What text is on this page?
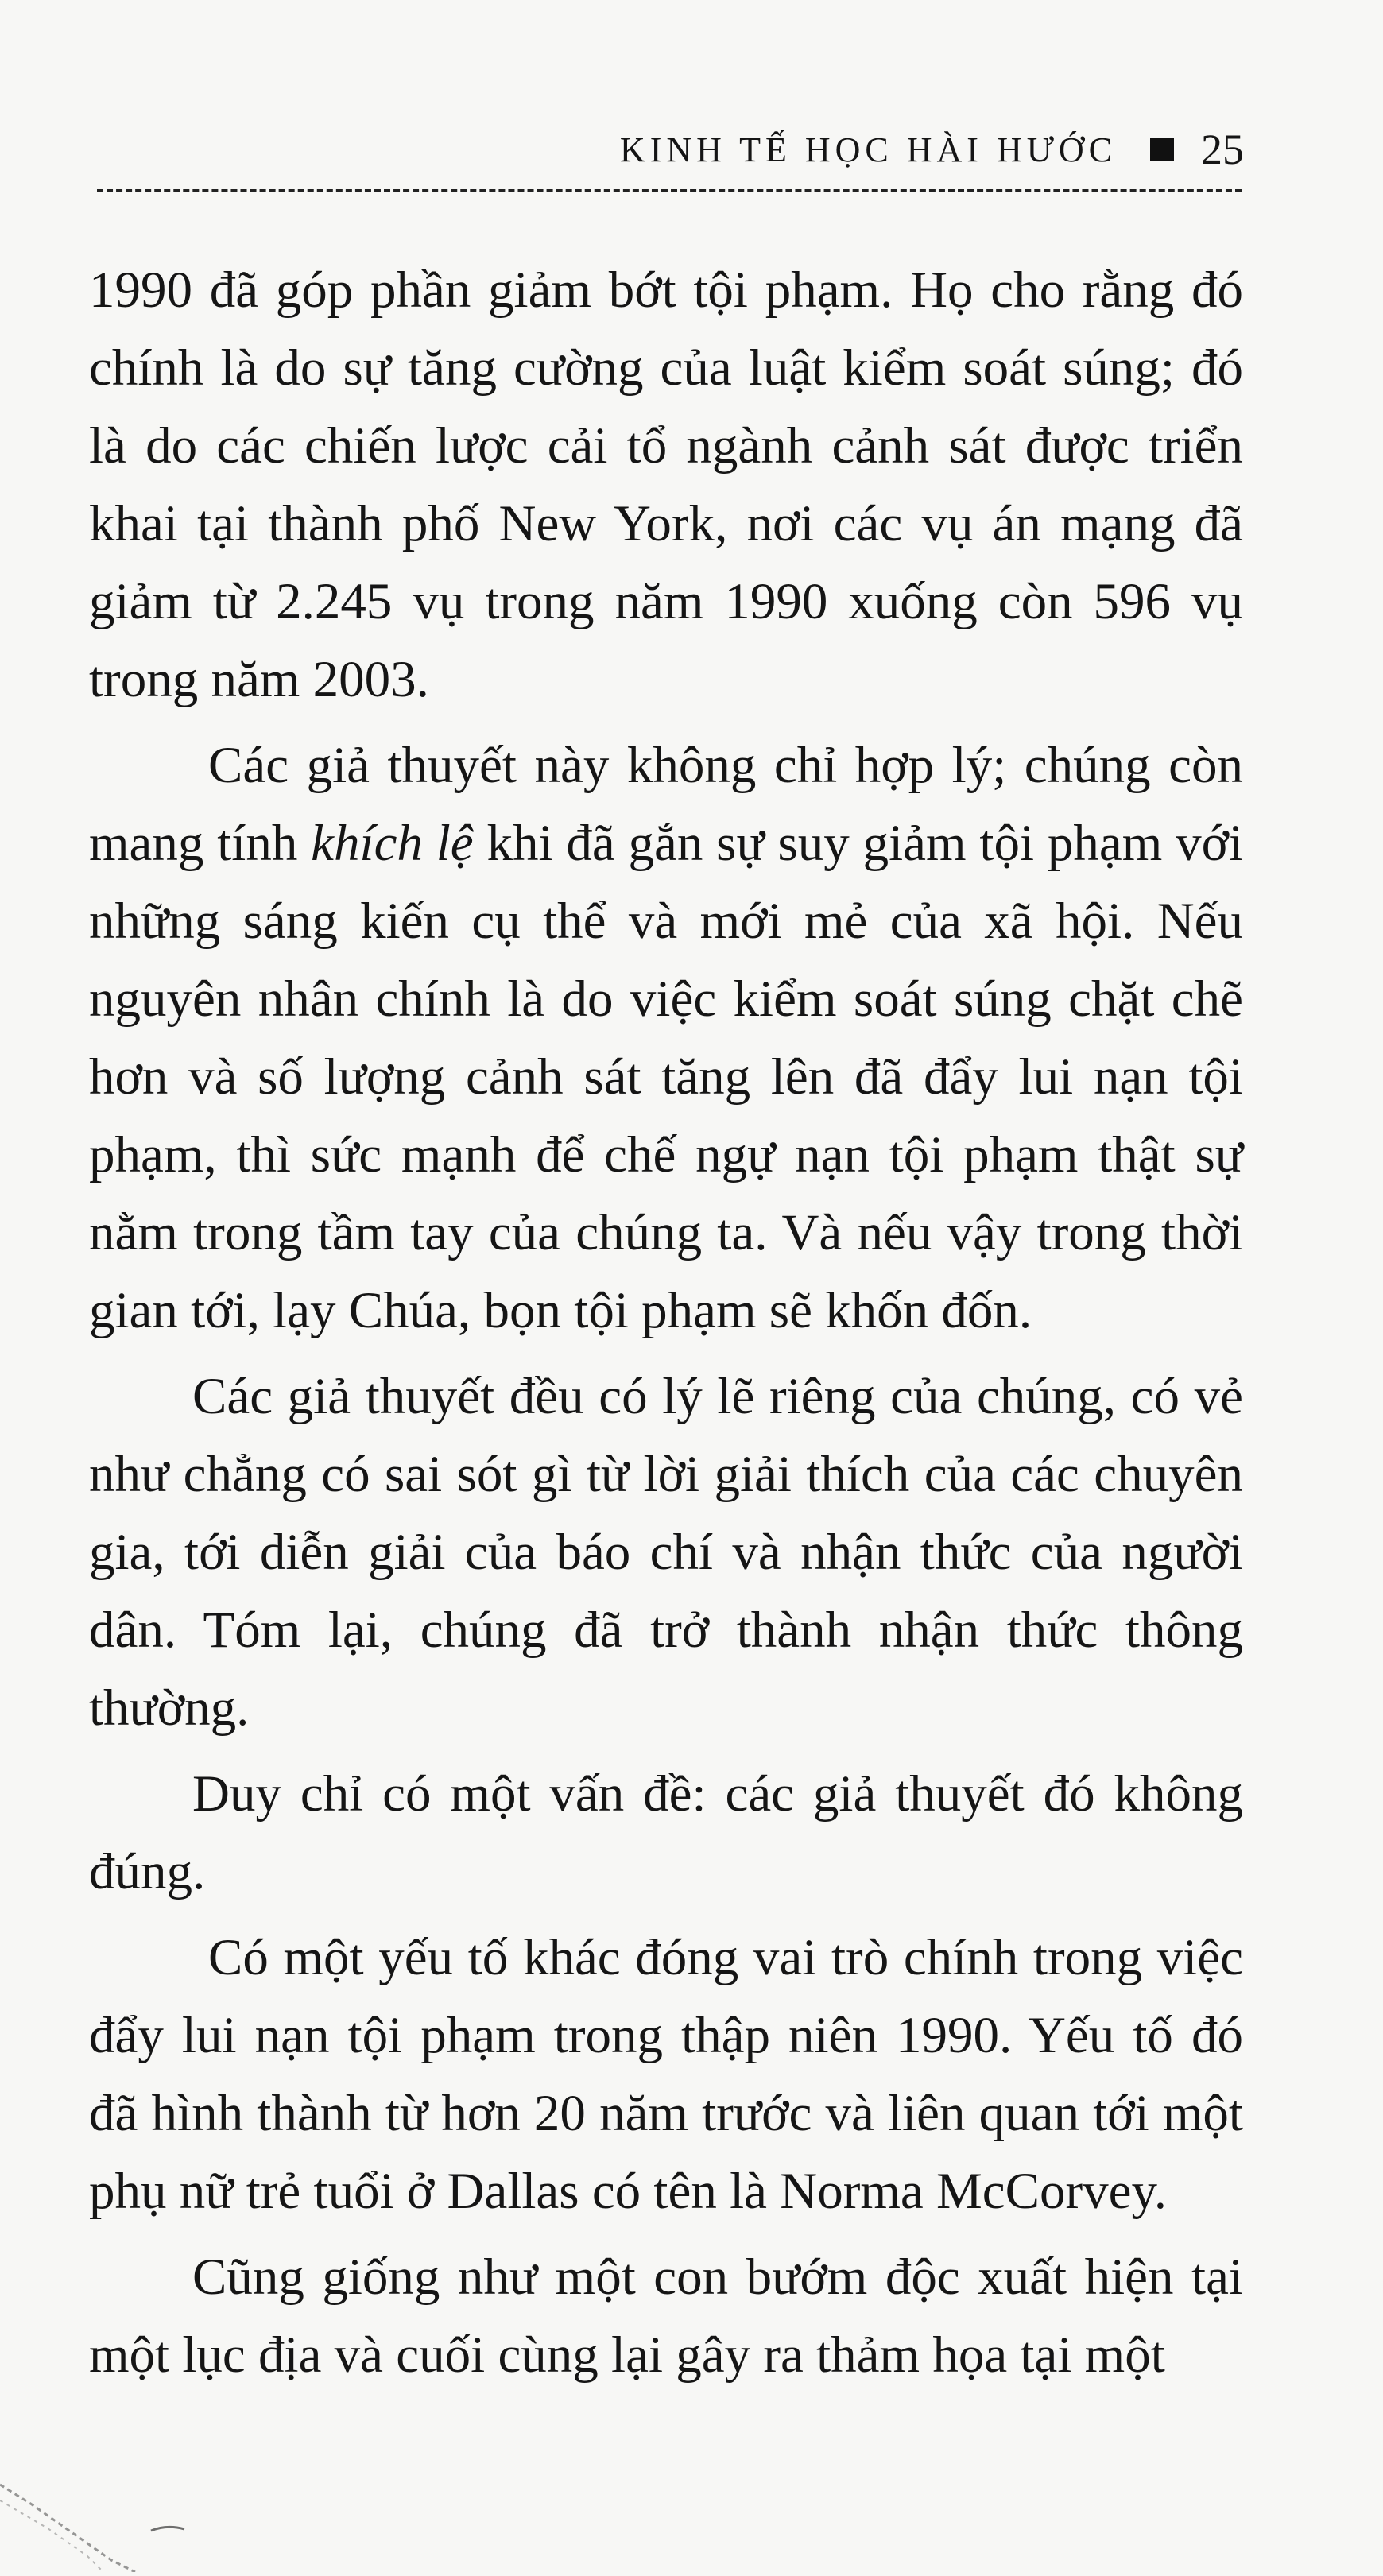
KINH TẾ HỌC HÀI HƯỚC 25

1990 đã góp phần giảm bớt tội phạm. Họ cho rằng đó chính là do sự tăng cường của luật kiểm soát súng; đó là do các chiến lược cải tổ ngành cảnh sát được triển khai tại thành phố New York, nơi các vụ án mạng đã giảm từ 2.245 vụ trong năm 1990 xuống còn 596 vụ trong năm 2003.

Các giả thuyết này không chỉ hợp lý; chúng còn mang tính khích lệ khi đã gắn sự suy giảm tội phạm với những sáng kiến cụ thể và mới mẻ của xã hội. Nếu nguyên nhân chính là do việc kiểm soát súng chặt chẽ hơn và số lượng cảnh sát tăng lên đã đẩy lui nạn tội phạm, thì sức mạnh để chế ngự nạn tội phạm thật sự nằm trong tầm tay của chúng ta. Và nếu vậy trong thời gian tới, lạy Chúa, bọn tội phạm sẽ khốn đốn.

Các giả thuyết đều có lý lẽ riêng của chúng, có vẻ như chẳng có sai sót gì từ lời giải thích của các chuyên gia, tới diễn giải của báo chí và nhận thức của người dân. Tóm lại, chúng đã trở thành nhận thức thông thường.

Duy chỉ có một vấn đề: các giả thuyết đó không đúng.

Có một yếu tố khác đóng vai trò chính trong việc đẩy lui nạn tội phạm trong thập niên 1990. Yếu tố đó đã hình thành từ hơn 20 năm trước và liên quan tới một phụ nữ trẻ tuổi ở Dallas có tên là Norma McCorvey.

Cũng giống như một con bướm độc xuất hiện tại một lục địa và cuối cùng lại gây ra thảm họa tại một
